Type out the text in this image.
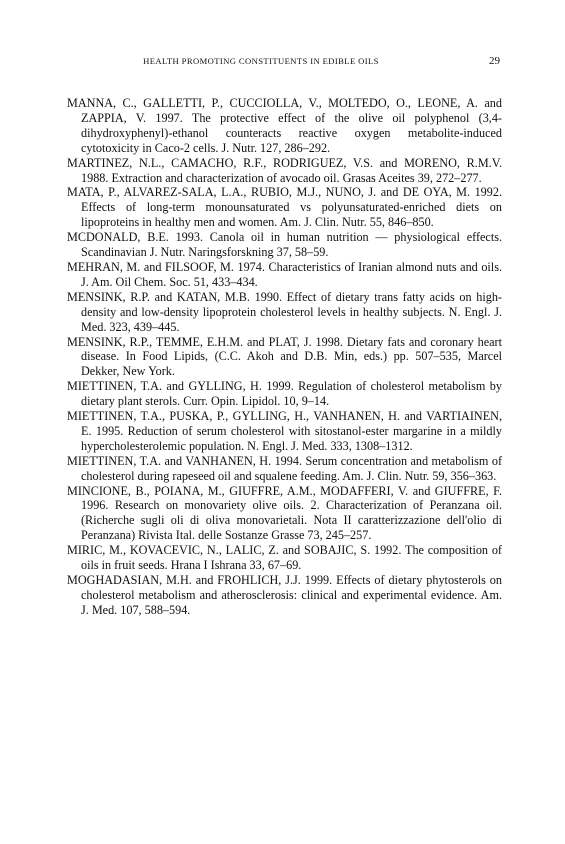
HEALTH PROMOTING CONSTITUENTS IN EDIBLE OILS	29

MANNA, C., GALLETTI, P., CUCCIOLLA, V., MOLTEDO, O., LEONE, A. and ZAPPIA, V. 1997. The protective effect of the olive oil polyphenol (3,4-dihydroxyphenyl)-ethanol counteracts reactive oxygen metabolite-induced cytotoxicity in Caco-2 cells. J. Nutr. 127, 286–292.

MARTINEZ, N.L., CAMACHO, R.F., RODRIGUEZ, V.S. and MORENO, R.M.V. 1988. Extraction and characterization of avocado oil. Grasas Aceites 39, 272–277.

MATA, P., ALVAREZ-SALA, L.A., RUBIO, M.J., NUNO, J. and DE OYA, M. 1992. Effects of long-term monounsaturated vs polyunsaturated-enriched diets on lipoproteins in healthy men and women. Am. J. Clin. Nutr. 55, 846–850.

MCDONALD, B.E. 1993. Canola oil in human nutrition — physiological effects. Scandinavian J. Nutr. Naringsforskning 37, 58–59.

MEHRAN, M. and FILSOOF, M. 1974. Characteristics of Iranian almond nuts and oils. J. Am. Oil Chem. Soc. 51, 433–434.

MENSINK, R.P. and KATAN, M.B. 1990. Effect of dietary trans fatty acids on high-density and low-density lipoprotein cholesterol levels in healthy subjects. N. Engl. J. Med. 323, 439–445.

MENSINK, R.P., TEMME, E.H.M. and PLAT, J. 1998. Dietary fats and coronary heart disease. In Food Lipids, (C.C. Akoh and D.B. Min, eds.) pp. 507–535, Marcel Dekker, New York.

MIETTINEN, T.A. and GYLLING, H. 1999. Regulation of cholesterol metabolism by dietary plant sterols. Curr. Opin. Lipidol. 10, 9–14.

MIETTINEN, T.A., PUSKA, P., GYLLING, H., VANHANEN, H. and VARTIAINEN, E. 1995. Reduction of serum cholesterol with sitostanol-ester margarine in a mildly hypercholesterolemic population. N. Engl. J. Med. 333, 1308–1312.

MIETTINEN, T.A. and VANHANEN, H. 1994. Serum concentration and metabolism of cholesterol during rapeseed oil and squalene feeding. Am. J. Clin. Nutr. 59, 356–363.

MINCIONE, B., POIANA, M., GIUFFRE, A.M., MODAFFERI, V. and GIUFFRE, F. 1996. Research on monovariety olive oils. 2. Characterization of Peranzana oil. (Richerche sugli oli di oliva monovarietali. Nota II caratterizzazione dell'olio di Peranzana) Rivista Ital. delle Sostanze Grasse 73, 245–257.

MIRIC, M., KOVACEVIC, N., LALIC, Z. and SOBAJIC, S. 1992. The composition of oils in fruit seeds. Hrana I Ishrana 33, 67–69.

MOGHADASIAN, M.H. and FROHLICH, J.J. 1999. Effects of dietary phytosterols on cholesterol metabolism and atherosclerosis: clinical and experimental evidence. Am. J. Med. 107, 588–594.
